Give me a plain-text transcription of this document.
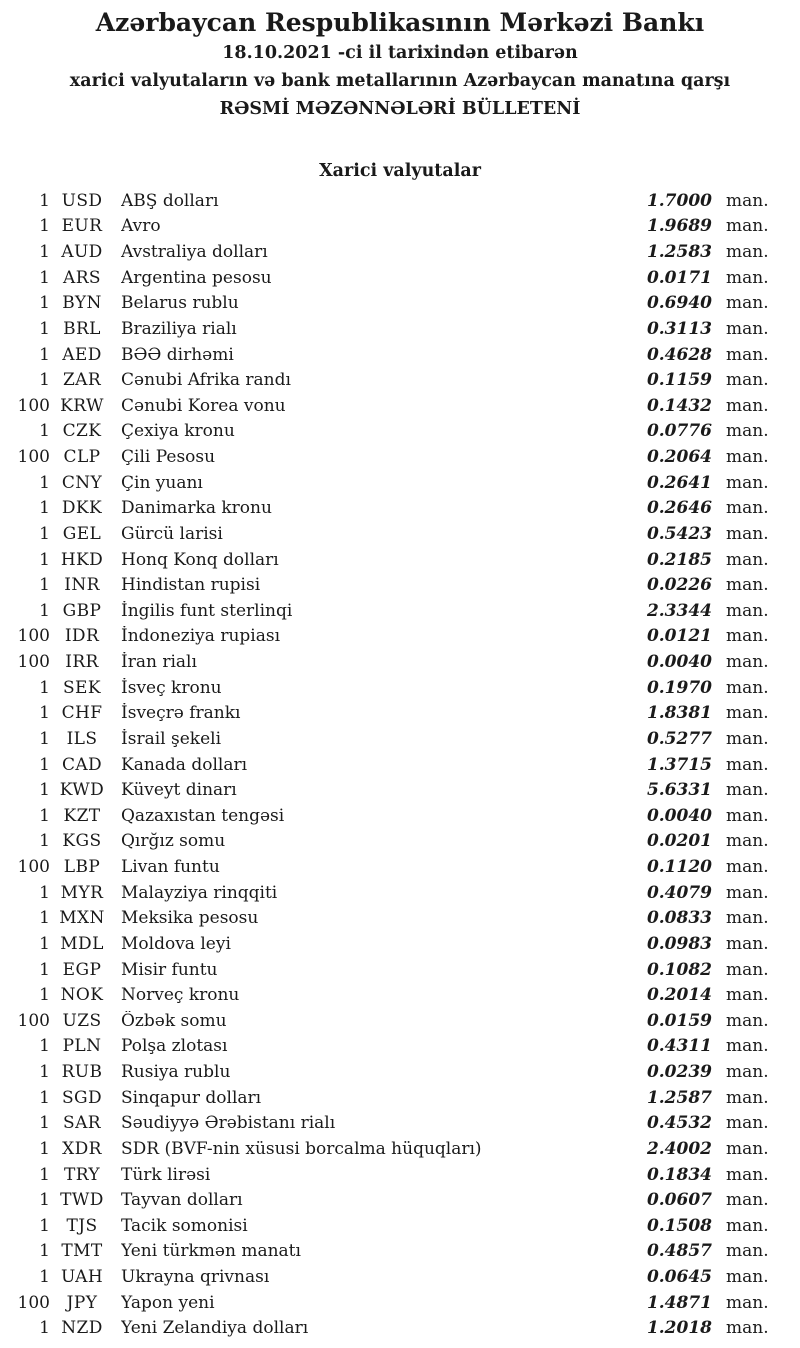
Azərbaycan Respublikasının Mərkəzi Bankı
18.10.2021 -ci il tarixindən etibarən
xarici valyutaların və bank metallarının Azərbaycan manatına qarşı
RƏSMİ MƏZƏNNƏLƏRİ BÜLLETENİ
Xarici valyutalar
1 USD	ABŞ dolları	1.7000 man.
1 EUR	Avro	1.9689 man.
1 AUD	Avstraliya dolları	1.2583 man.
1 ARS	Argentina pesosu	0.0171 man.
1 BYN	Belarus rublu	0.6940 man.
1 BRL	Braziliya rialı	0.3113 man.
1 AED	BƏƏ dirhəmi	0.4628 man.
1 ZAR	Cənubi Afrika randı	0.1159 man.
100 KRW	Cənubi Korea vonu	0.1432 man.
1 CZK	Çexiya kronu	0.0776 man.
100 CLP	Çili Pesosu	0.2064 man.
1 CNY	Çin yuanı	0.2641 man.
1 DKK	Danimarka kronu	0.2646 man.
1 GEL	Gürcü larisi	0.5423 man.
1 HKD	Honq Konq dolları	0.2185 man.
1 INR	Hindistan rupisi	0.0226 man.
1 GBP	İngilis funt sterlinqi	2.3344 man.
100 IDR	İndoneziya rupiası	0.0121 man.
100 IRR	İran rialı	0.0040 man.
1 SEK	İsveç kronu	0.1970 man.
1 CHF	İsveçrə frankı	1.8381 man.
1 ILS	İsrail şekeli	0.5277 man.
1 CAD	Kanada dolları	1.3715 man.
1 KWD Küveyt dinarı	5.6331 man.
1 KZT	Qazaxıstan tengəsi	0.0040 man.
1 KGS	Qırğız somu	0.0201 man.
100 LBP	Livan funtu	0.1120 man.
1 MYR	Malayziya rinqqiti	0.4079 man.
1 MXN Meksika pesosu	0.0833 man.
1 MDL	Moldova leyi	0.0983 man.
1 EGP	Misir funtu	0.1082 man.
1 NOK	Norveç kronu	0.2014 man.
100 UZS	Özbək somu	0.0159 man.
1 PLN	Polşa zlotası	0.4311 man.
1 RUB	Rusiya rublu	0.0239 man.
1 SGD	Sinqapur dolları	1.2587 man.
1 SAR	Səudiyyə Ərəbistanı rialı	0.4532 man.
1 XDR	SDR (BVF-nin xüsusi borcalma hüquqları)	2.4002 man.
1 TRY	Türk lirəsi	0.1834 man.
1 TWD	Tayvan dolları	0.0607 man.
1 TJS	Tacik somonisi	0.1508 man.
1 TMT	Yeni türkmən manatı	0.4857 man.
1 UAH	Ukrayna qrivnası	0.0645 man.
100 JPY	Yapon yeni	1.4871 man.
1 NZD	Yeni Zelandiya dolları	1.2018 man.
